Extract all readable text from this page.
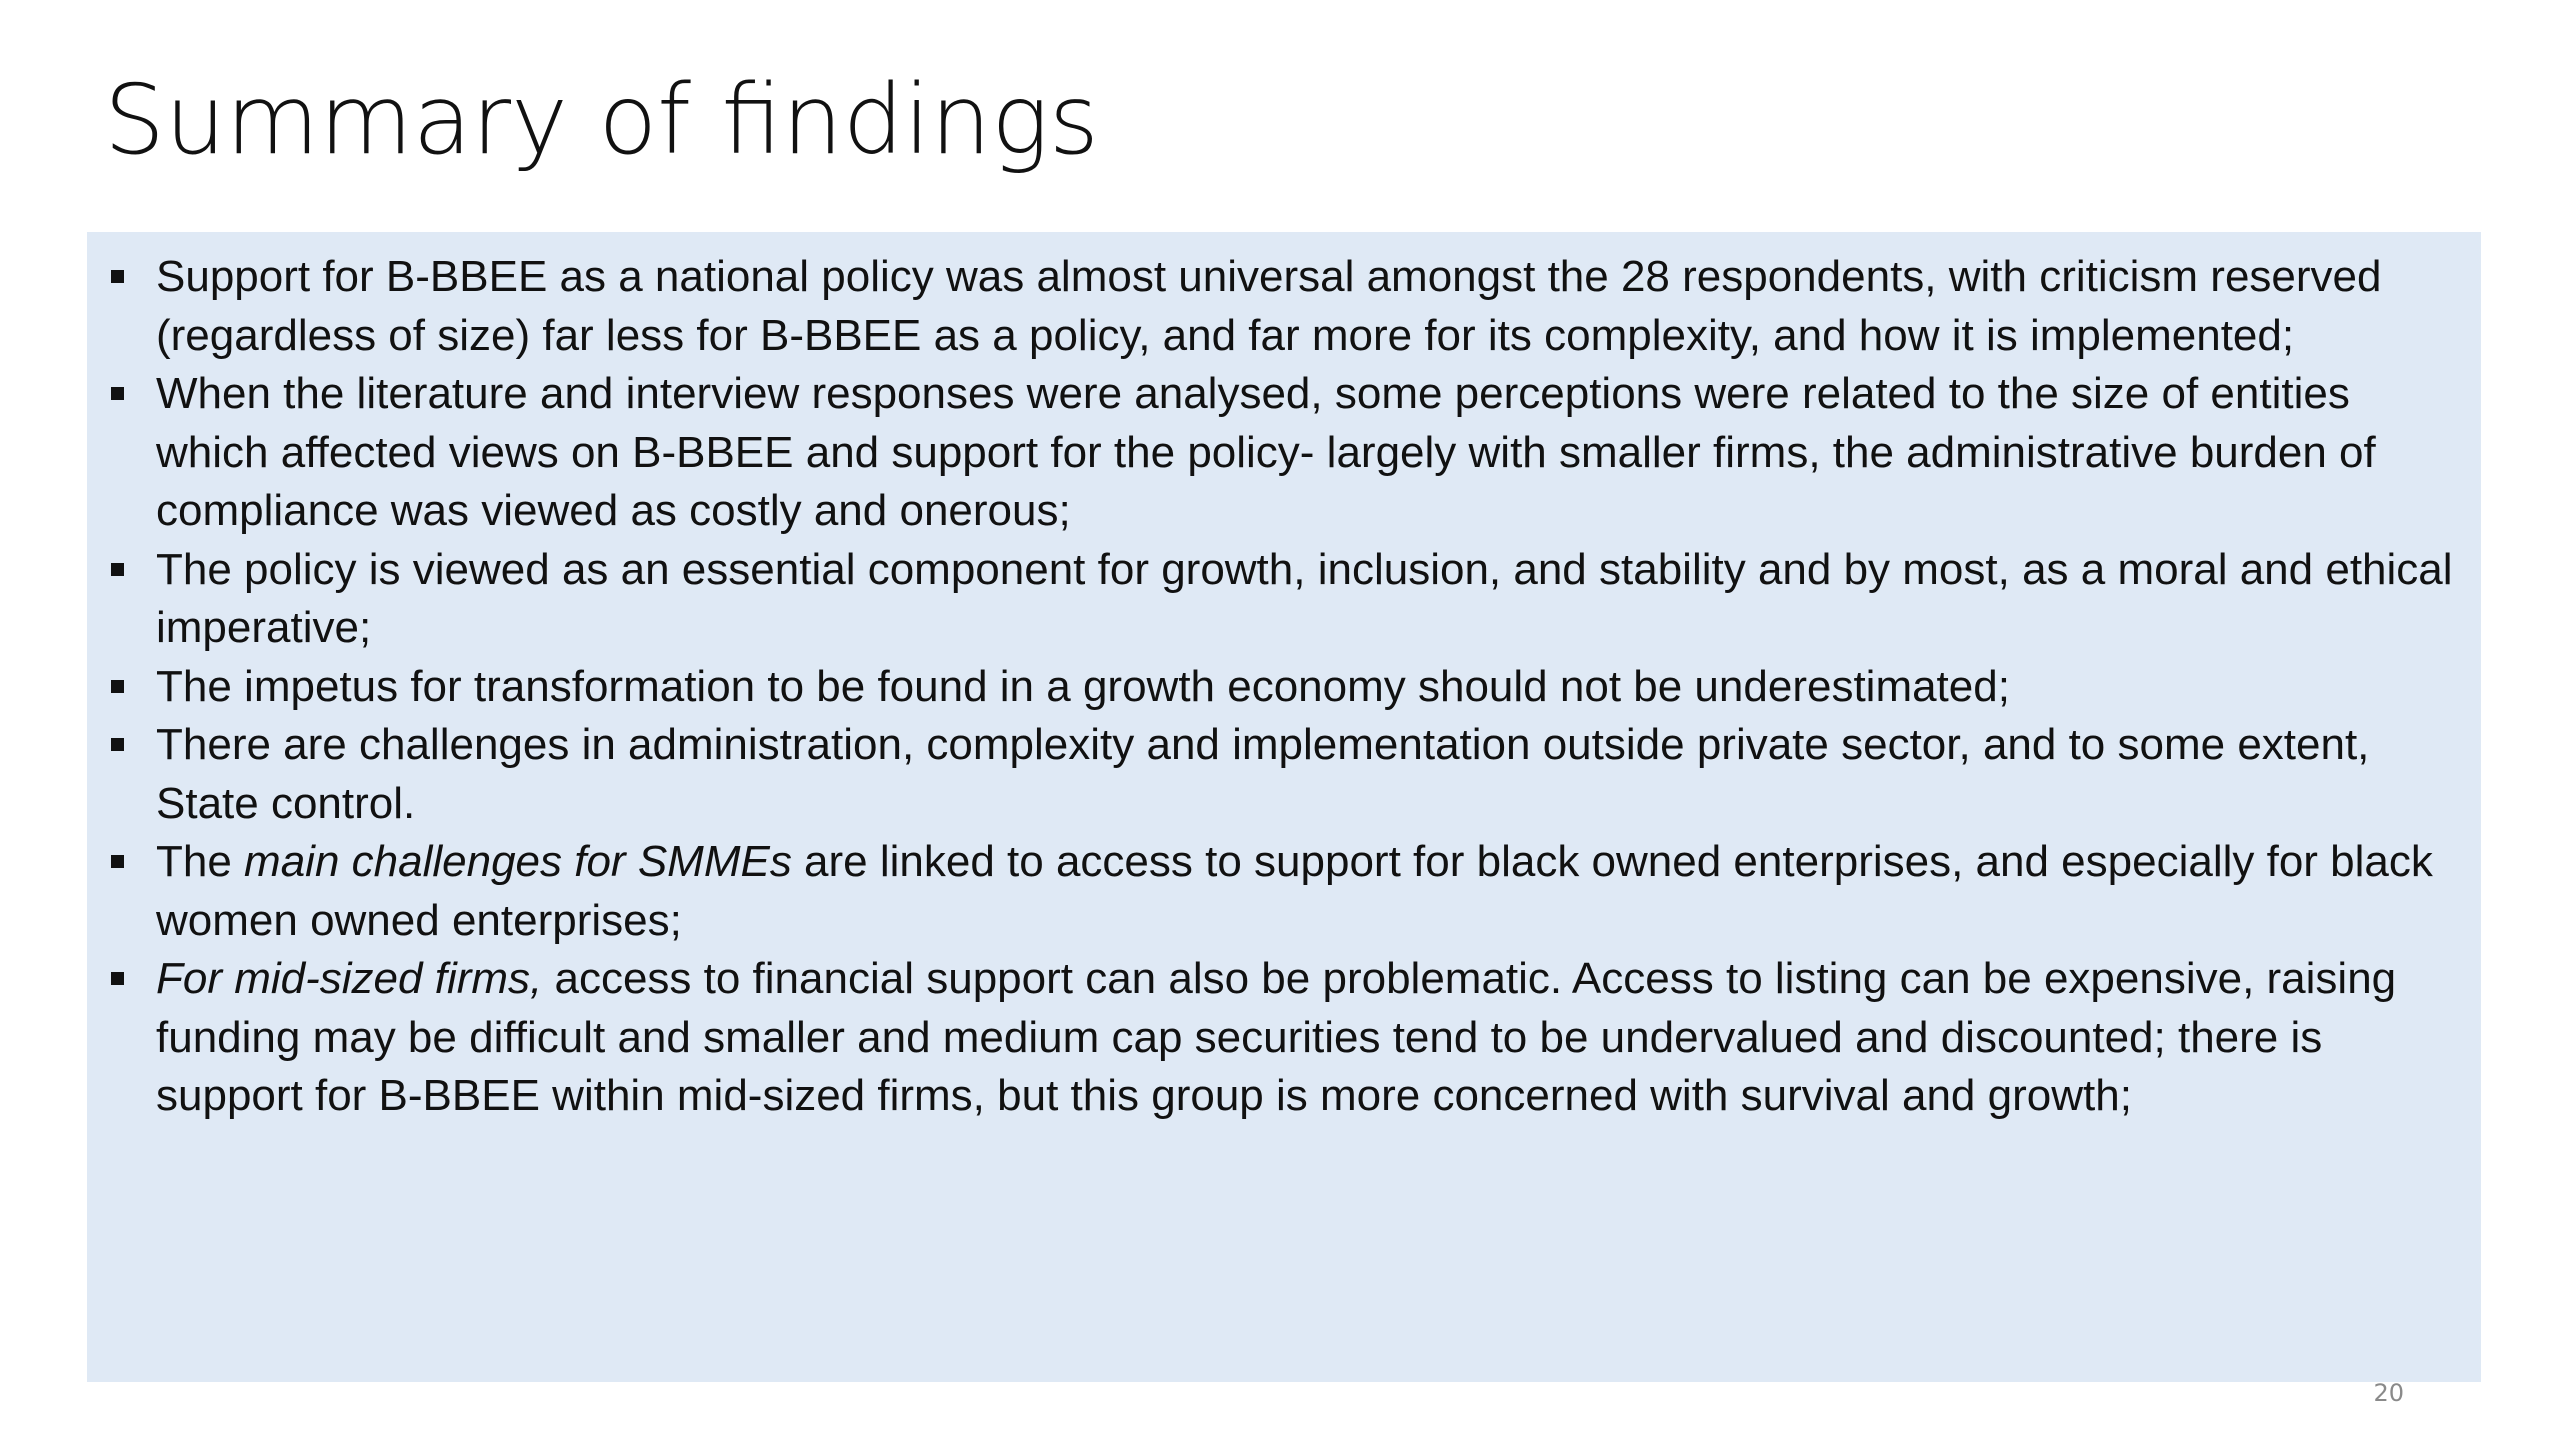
Summary of findings
Support for B-BBEE as a national policy was almost universal amongst the 28 respondents, with criticism reserved (regardless of size) far less for B-BBEE as a policy, and far more for its complexity, and how it is implemented;
When the literature and interview responses were analysed, some perceptions were related to the size of entities which affected views on B-BBEE and support for the policy- largely with smaller firms, the administrative burden of compliance was viewed as costly and onerous;
The policy is viewed as an essential component for growth, inclusion, and stability and by most, as a moral and ethical imperative;
The impetus for transformation to be found in a growth economy should not be underestimated;
There are challenges in administration, complexity and implementation outside private sector, and to some extent, State control.
The main challenges for SMMEs are linked to access to support for black owned enterprises, and especially for black women owned enterprises;
For mid-sized firms, access to financial support can also be problematic. Access to listing can be expensive, raising funding may be difficult and smaller and medium cap securities tend to be undervalued and discounted; there is support for B-BBEE within mid-sized firms, but this group is more concerned with survival and growth;
20
